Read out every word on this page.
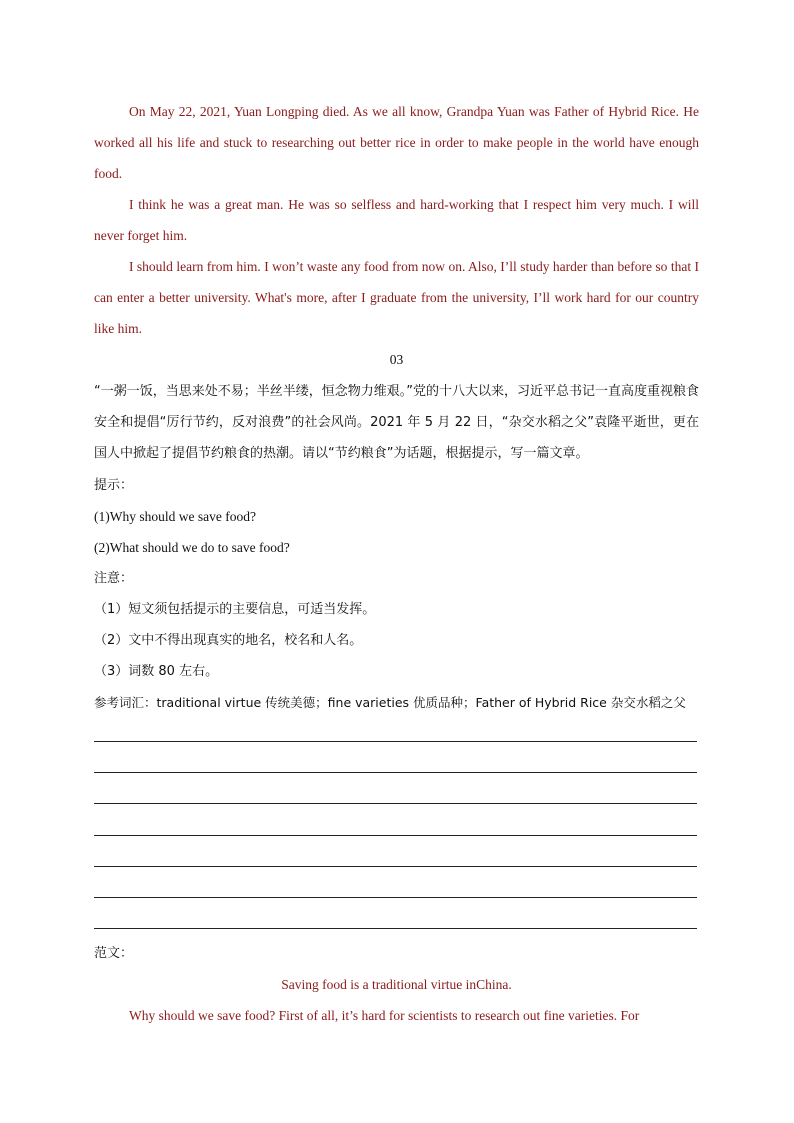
On May 22, 2021, Yuan Longping died. As we all know, Grandpa Yuan was Father of Hybrid Rice. He worked all his life and stuck to researching out better rice in order to make people in the world have enough food.

I think he was a great man. He was so selfless and hard-working that I respect him very much. I will never forget him.

I should learn from him. I won’t waste any food from now on. Also, I’ll study harder than before so that I can enter a better university. What's more, after I graduate from the university, I’ll work hard for our country like him.

03

“一粥一饭，当思来处不易；半丝半缕，恒念物力维艰。”党的十八大以来，习近平总书记一直高度重视粮食安全和提倡“厉行节约，反对浪费”的社会风尚。2021 年 5 月 22 日，“杂交水稻之父”袁隆平逝世，更在国人中掀起了提倡节约粮食的热潮。请以“节约粮食”为话题，根据提示，写一篇文章。

提示：

(1)Why should we save food?

(2)What should we do to save food?

注意：

（1）短文须包括提示的主要信息，可适当发挥。

（2）文中不得出现真实的地名，校名和人名。

（3）词数 80 左右。

参考词汇：traditional virtue 传统美德；fine varieties 优质品种；Father of Hybrid Rice 杂交水稻之父

范文：

Saving food is a traditional virtue inChina.

Why should we save food? First of all, it’s hard for scientists to research out fine varieties. For
